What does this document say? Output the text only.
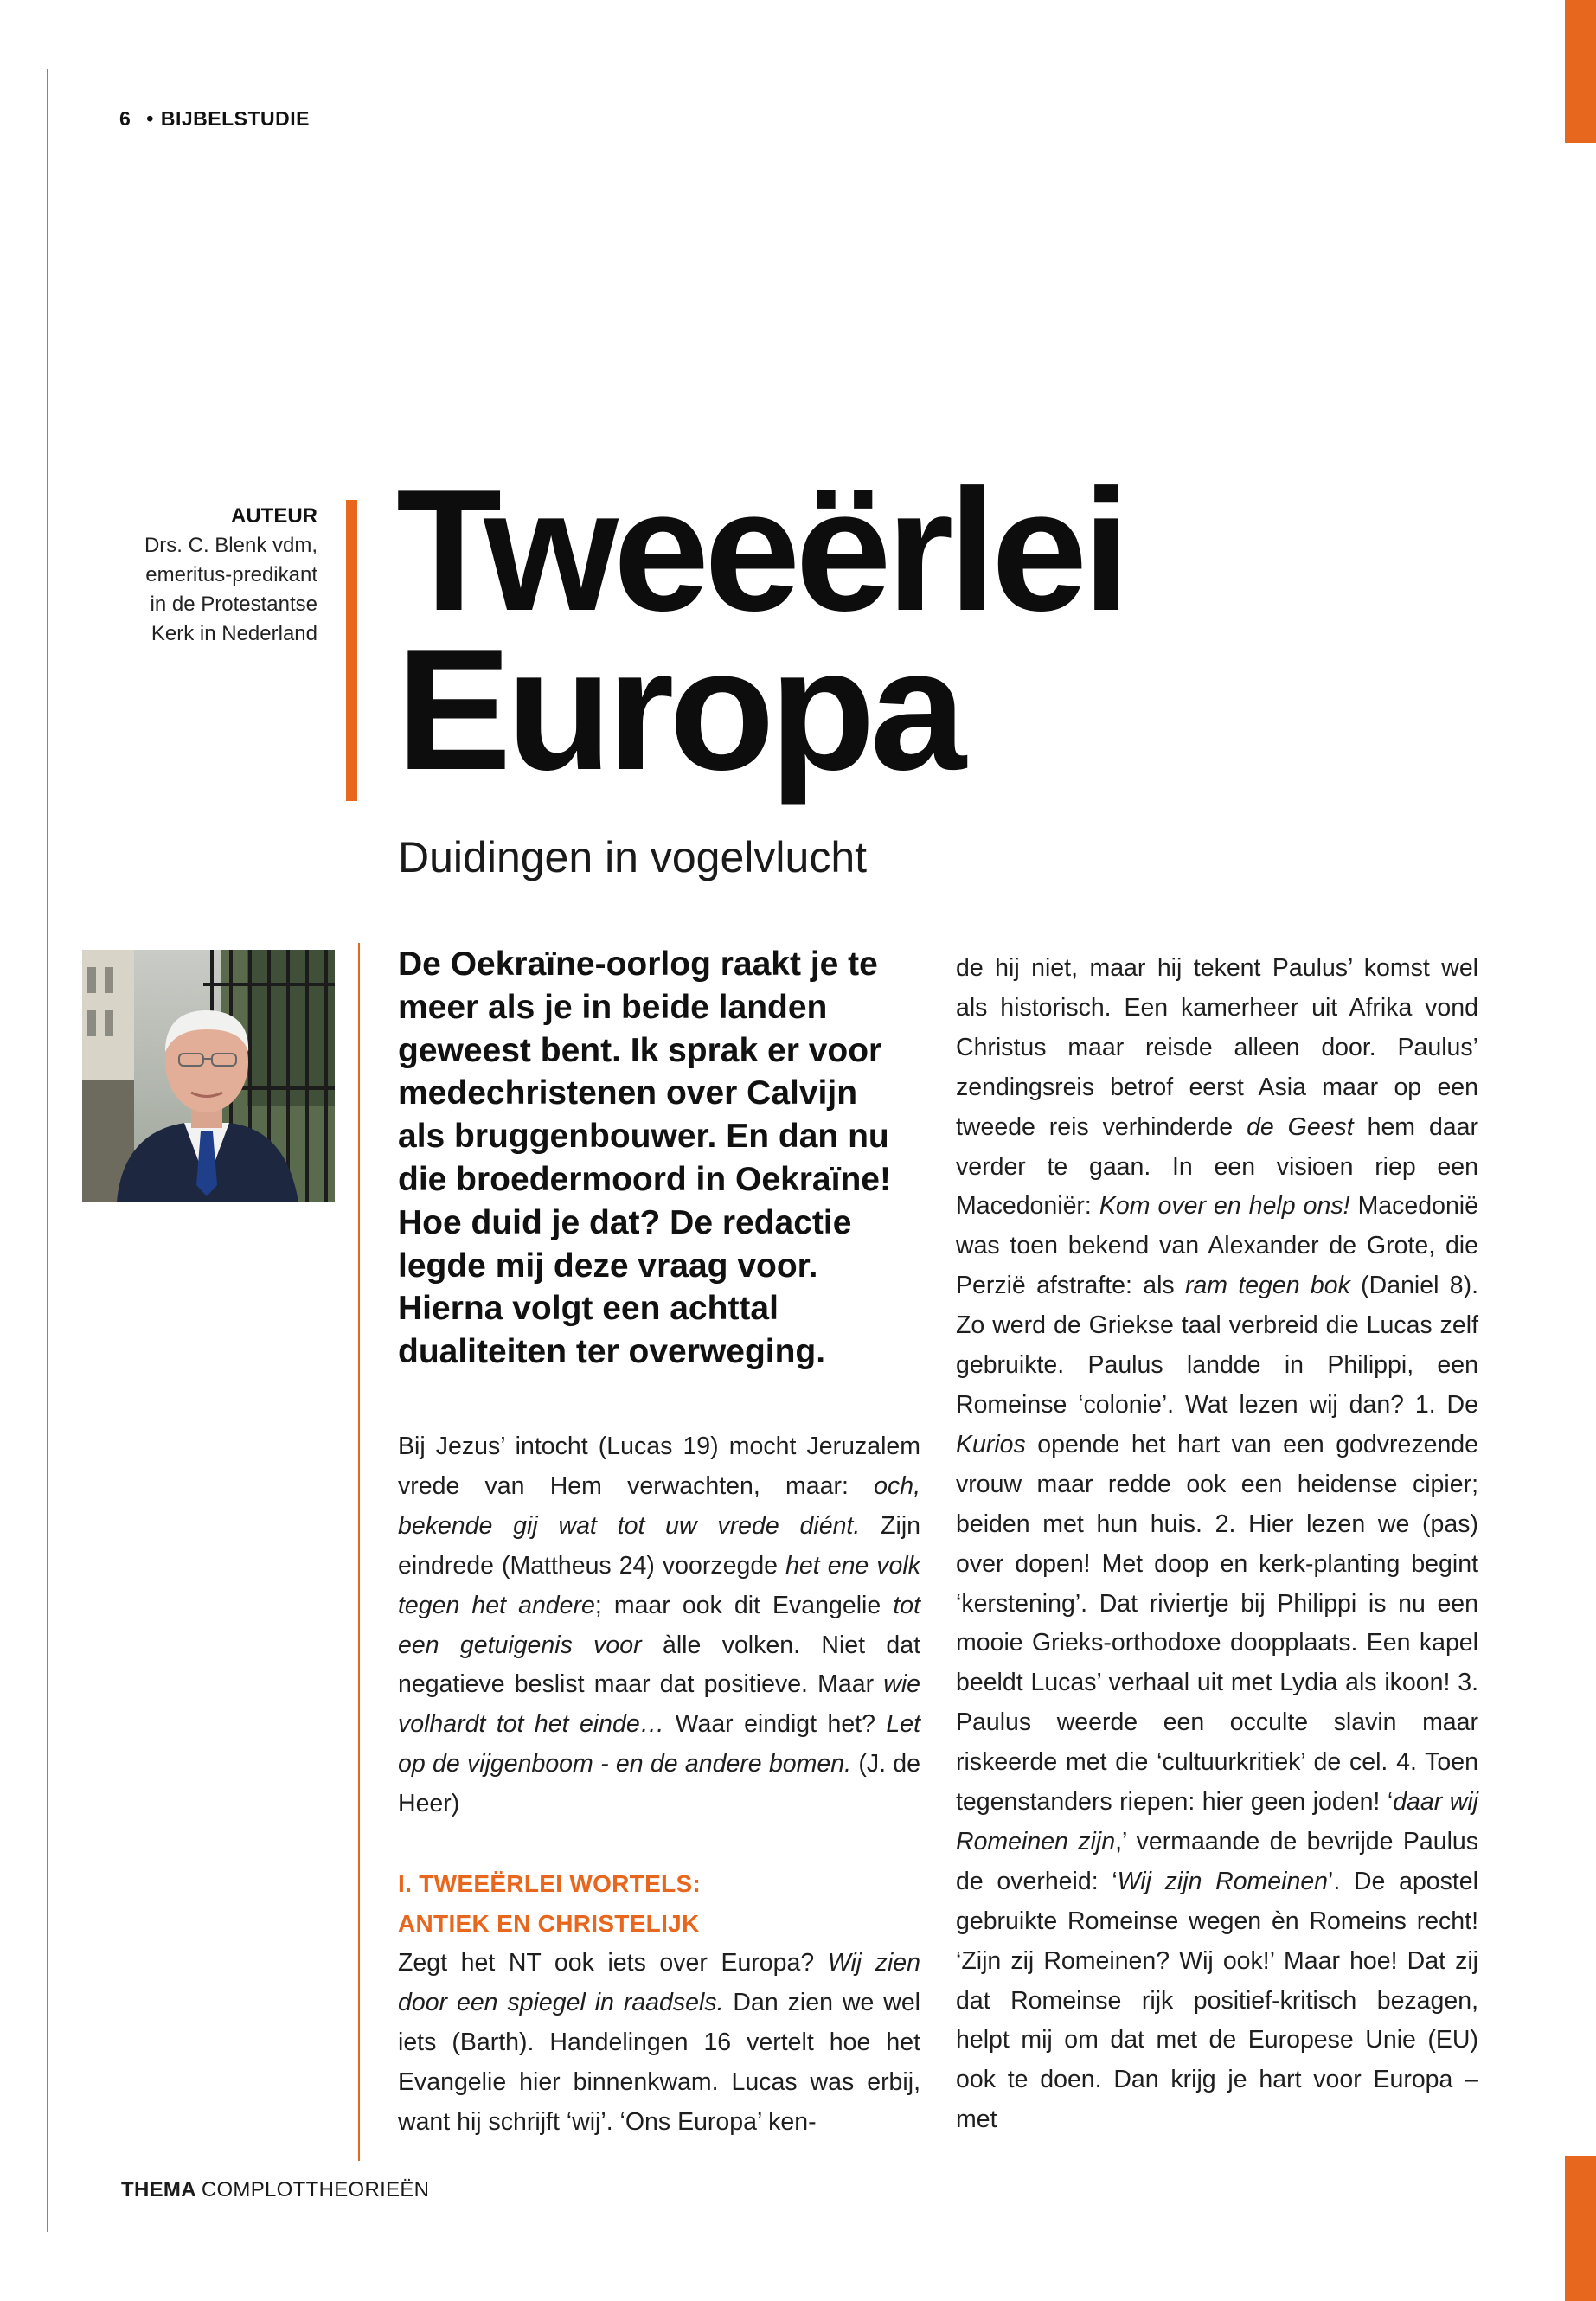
6 • BIJBELSTUDIE
AUTEUR
Drs. C. Blenk vdm,
emeritus-predikant
in de Protestantse
Kerk in Nederland Tweeërlei
Europa
Duidingen in vogelvlucht
De Oekraïne-oorlog raakt je te meer als je in beide landen geweest bent. Ik sprak er voor medechristenen over Calvijn als bruggenbouwer. En dan nu die broedermoord in Oekraïne! Hoe duid je dat? De redactie legde mij deze vraag voor. Hierna volgt een achttal dualiteiten ter overweging.

Bij Jezus’ intocht (Lucas 19) mocht Jeruzalem vrede van Hem verwachten, maar: och, bekende gij wat tot uw vrede diént. Zijn eindrede (Mattheus 24) voorzegde het ene volk tegen het andere; maar ook dit Evangelie tot een getuigenis voor àlle volken. Niet dat negatieve beslist maar dat positieve. Maar wie volhardt tot het einde… Waar eindigt het? Let op de vijgenboom - en de andere bomen. (J. de Heer)

I. TWEEËRLEI WORTELS:
ANTIEK EN CHRISTELIJK

Zegt het NT ook iets over Europa? Wij zien door een spiegel in raadsels. Dan zien we wel iets (Barth). Handelingen 16 vertelt hoe het Evangelie hier binnenkwam. Lucas was erbij, want hij schrijft ‘wij’. ‘Ons Europa’ ken-

de hij niet, maar hij tekent Paulus’ komst wel als historisch. Een kamerheer uit Afrika vond Christus maar reisde alleen door. Paulus’ zendingsreis betrof eerst Asia maar op een tweede reis verhinderde de Geest hem daar verder te gaan. In een visioen riep een Macedoniër: Kom over en help ons! Macedonië was toen bekend van Alexander de Grote, die Perzië afstrafte: als ram tegen bok (Daniel 8). Zo werd de Griekse taal verbreid die Lucas zelf gebruikte. Paulus landde in Philippi, een Romeinse ‘colonie’. Wat lezen wij dan? 1. De Kurios opende het hart van een godvrezende vrouw maar redde ook een heidense cipier; beiden met hun huis. 2. Hier lezen we (pas) over dopen! Met doop en kerk-planting begint ‘kerstening’. Dat riviertje bij Philippi is nu een mooie Grieks-orthodoxe doopplaats. Een kapel beeldt Lucas’ verhaal uit met Lydia als ikoon! 3. Paulus weerde een occulte slavin maar riskeerde met die ‘cultuurkritiek’ de cel. 4. Toen tegenstanders riepen: hier geen joden! ‘daar wij Romeinen zijn,’ vermaande de bevrijde Paulus de overheid: ‘Wij zijn Romeinen’. De apostel gebruikte Romeinse wegen èn Romeins recht! ‘Zijn zij Romeinen? Wij ook!’ Maar hoe! Dat zij dat Romeinse rijk positief-kritisch bezagen, helpt mij om dat met de Europese Unie (EU) ook te doen. Dan krijg je hart voor Europa – met

THEMA COMPLOTTHEORIEËN
